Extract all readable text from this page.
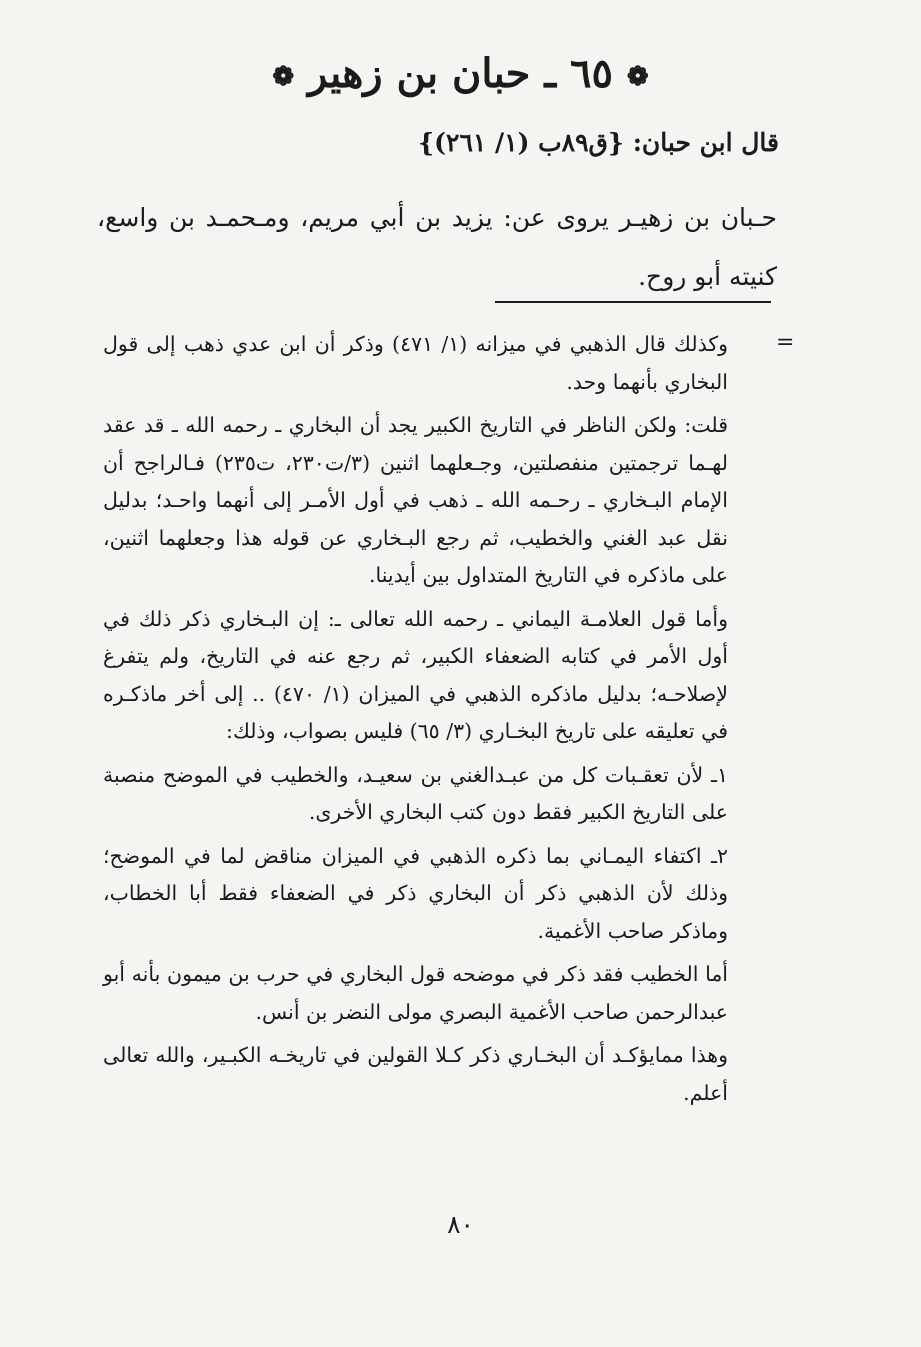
❁ ٦٥ ـ حبان بن زهير ❁
قال ابن حبان: {ق٨٩ب (١/ ٢٦١)}
حـبان بن زهيـر يروى عن: يزيد بن أبي مريم، ومـحمـد بن واسع، كنيته أبو روح.
=

وكذلك قال الذهبي في ميزانه (١/ ٤٧١) وذكر أن ابن عدي ذهب إلى قول البخاري بأنهما وحد.

قلت: ولكن الناظر في التاريخ الكبير يجد أن البخاري ـ رحمه الله ـ قد عقد لهـما ترجمتين منفصلتين، وجـعلهما اثنين (٣/ت٢٣٠، ت٢٣٥) فـالراجح أن الإمام البـخاري ـ رحـمه الله ـ ذهب في أول الأمـر إلى أنهما واحـد؛ بدليل نقل عبد الغني والخطيب، ثم رجع البـخاري عن قوله هذا وجعلهما اثنين، على ماذكره في التاريخ المتداول بين أيدينا.

وأما قول العلامـة اليماني ـ رحمه الله تعالى ـ: إن البـخاري ذكر ذلك في أول الأمر في كتابه الضعفاء الكبير، ثم رجع عنه في التاريخ، ولم يتفرغ لإصلاحـه؛ بدليل ماذكره الذهبي في الميزان (١/ ٤٧٠) .. إلى أخر ماذكـره في تعليقه على تاريخ البخـاري (٣/ ٦٥) فليس بصواب، وذلك:

١ـ لأن تعقـبات كل من عبـدالغني بن سعيـد، والخطيب في الموضح منصبة على التاريخ الكبير فقط دون كتب البخاري الأخرى.

٢ـ اكتفاء اليمـاني بما ذكره الذهبي في الميزان مناقض لما في الموضح؛ وذلك لأن الذهبي ذكر أن البخاري ذكر في الضعفاء فقط أبا الخطاب، وماذكر صاحب الأغمية.

أما الخطيب فقد ذكر في موضحه قول البخاري في حرب بن ميمون بأنه أبو عبدالرحمن صاحب الأغمية البصري مولى النضر بن أنس.

وهذا ممايؤكـد أن البخـاري ذكر كـلا القولين في تاريخـه الكبـير، والله تعالى أعلم.

٨٠
